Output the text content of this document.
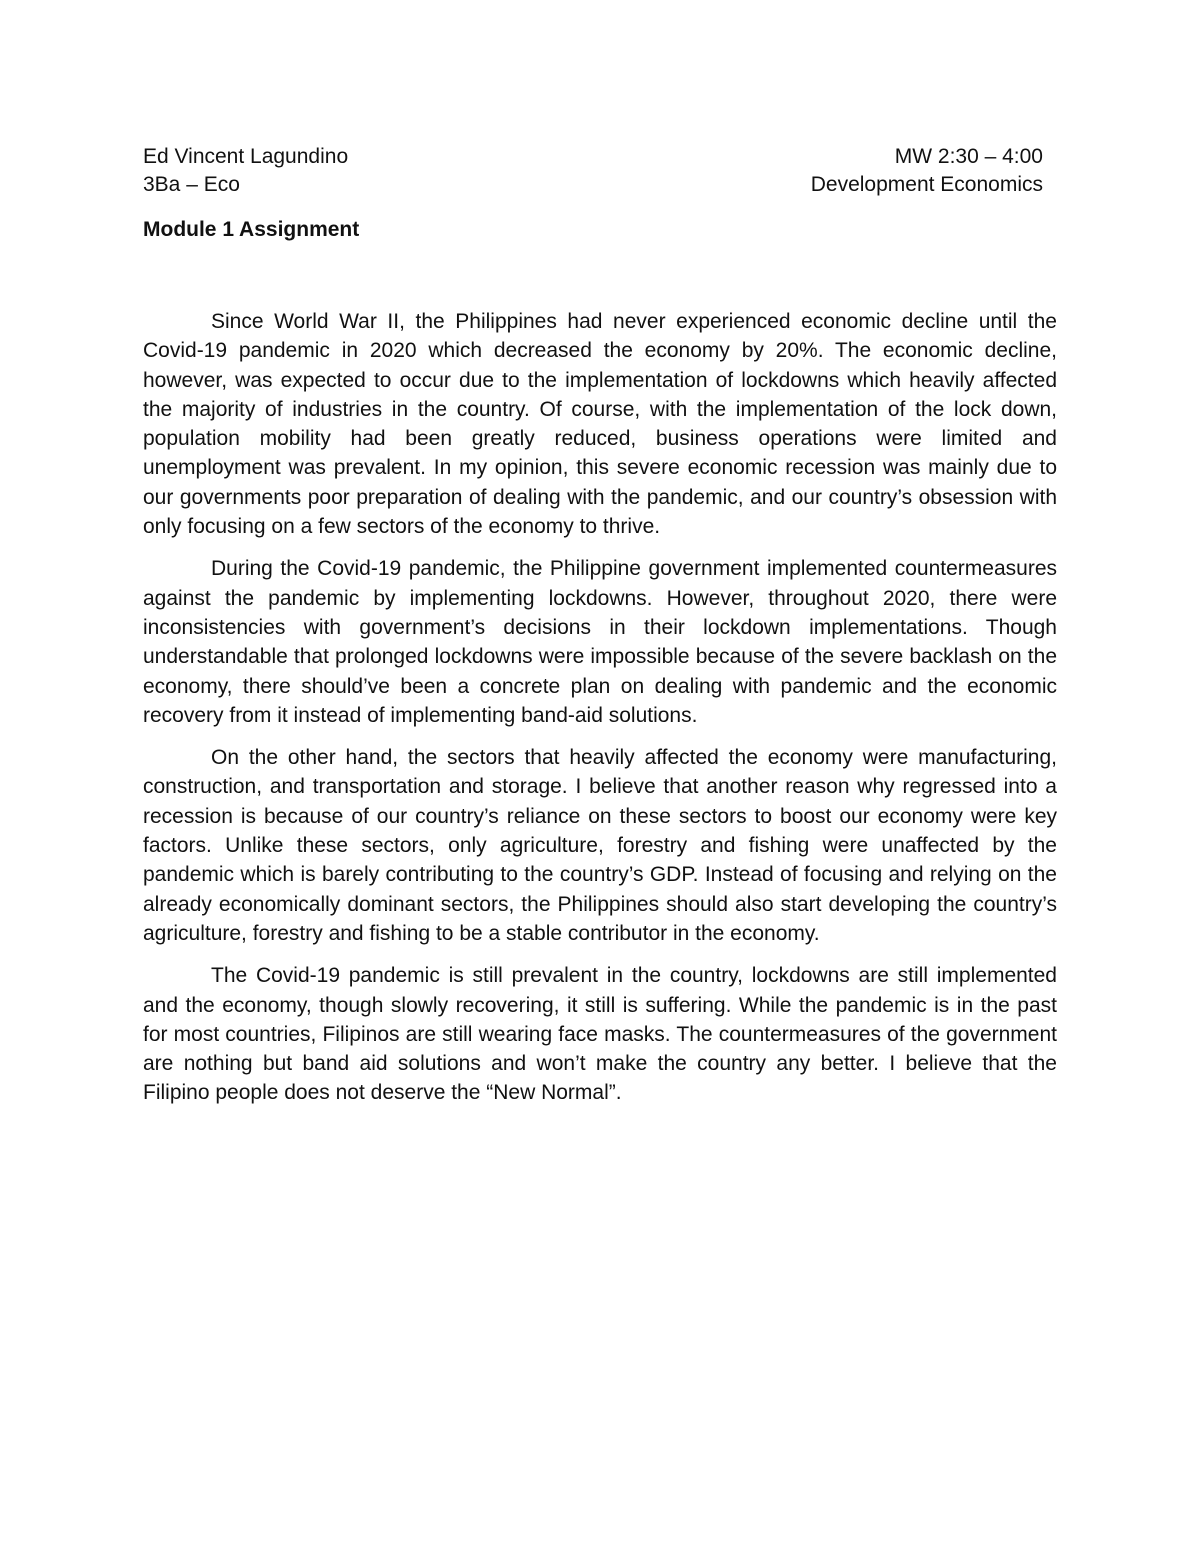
Ed Vincent Lagundino	MW 2:30 – 4:00
3Ba – Eco	Development Economics
Module 1 Assignment

Since World War II, the Philippines had never experienced economic decline until the Covid-19 pandemic in 2020 which decreased the economy by 20%. The economic decline, however, was expected to occur due to the implementation of lockdowns which heavily affected the majority of industries in the country. Of course, with the implementation of the lock down, population mobility had been greatly reduced, business operations were limited and unemployment was prevalent. In my opinion, this severe economic recession was mainly due to our governments poor preparation of dealing with the pandemic, and our country’s obsession with only focusing on a few sectors of the economy to thrive.

During the Covid-19 pandemic, the Philippine government implemented countermeasures against the pandemic by implementing lockdowns. However, throughout 2020, there were inconsistencies with government’s decisions in their lockdown implementations. Though understandable that prolonged lockdowns were impossible because of the severe backlash on the economy, there should’ve been a concrete plan on dealing with pandemic and the economic recovery from it instead of implementing band-aid solutions.

On the other hand, the sectors that heavily affected the economy were manufacturing, construction, and transportation and storage. I believe that another reason why regressed into a recession is because of our country’s reliance on these sectors to boost our economy were key factors. Unlike these sectors, only agriculture, forestry and fishing were unaffected by the pandemic which is barely contributing to the country’s GDP. Instead of focusing and relying on the already economically dominant sectors, the Philippines should also start developing the country’s agriculture, forestry and fishing to be a stable contributor in the economy.

The Covid-19 pandemic is still prevalent in the country, lockdowns are still implemented and the economy, though slowly recovering, it still is suffering. While the pandemic is in the past for most countries, Filipinos are still wearing face masks. The countermeasures of the government are nothing but band aid solutions and won’t make the country any better. I believe that the Filipino people does not deserve the “New Normal”.
